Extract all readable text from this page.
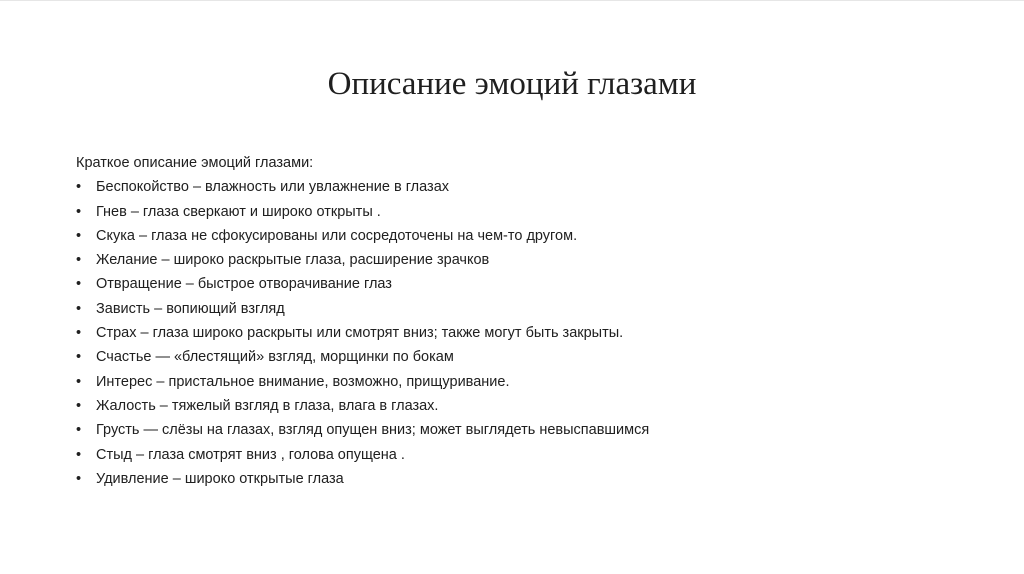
Описание эмоций глазами
Краткое описание эмоций глазами:
•	Беспокойство – влажность или увлажнение в глазах
•	Гнев – глаза сверкают и широко открыты .
•	Скука – глаза не сфокусированы или сосредоточены на чем-то другом.
•	Желание – широко раскрытые глаза, расширение зрачков
•	Отвращение – быстрое отворачивание глаз
•	Зависть – вопиющий взгляд
•	Страх – глаза широко раскрыты или смотрят вниз; также могут быть закрыты.
•	Счастье — «блестящий» взгляд, морщинки по бокам
•	Интерес – пристальное внимание, возможно, прищуривание.
•	Жалость – тяжелый взгляд в глаза, влага в глазах.
•	Грусть — слёзы на глазах, взгляд опущен вниз; может выглядеть невыспавшимся
•	Стыд – глаза смотрят вниз , голова опущена .
•	Удивление – широко открытые глаза
